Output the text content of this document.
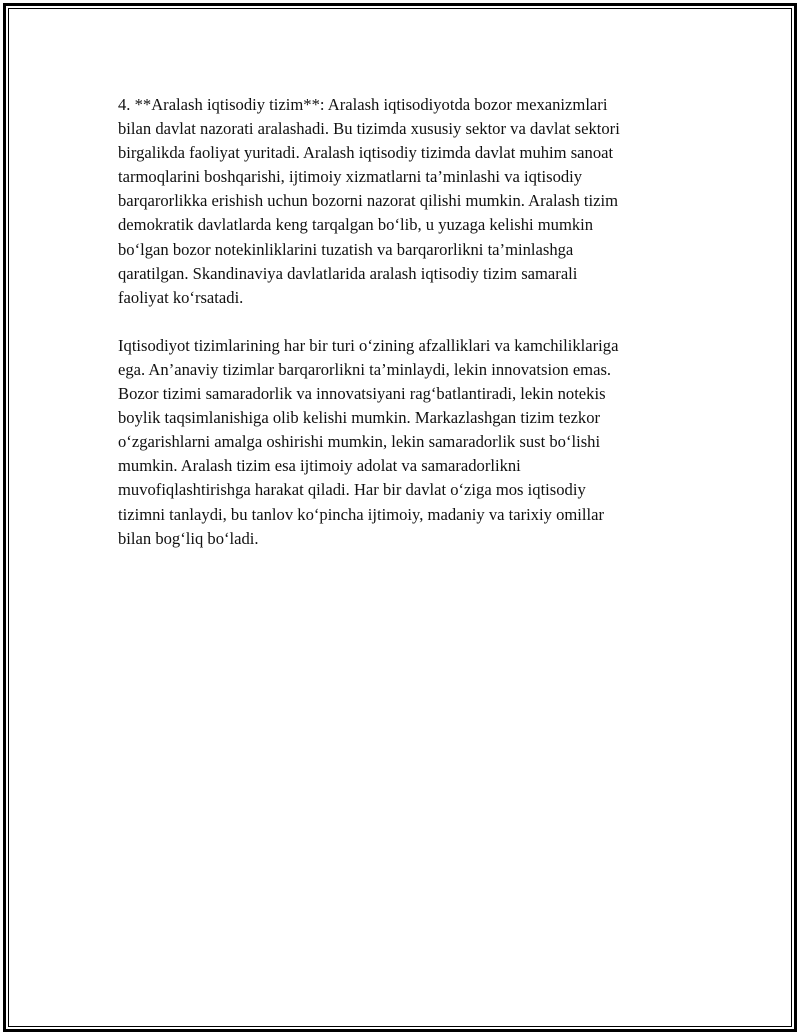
4. **Aralash iqtisodiy tizim**: Aralash iqtisodiyotda bozor mexanizmlari
bilan davlat nazorati aralashadi. Bu tizimda xususiy sektor va davlat sektori
birgalikda faoliyat yuritadi. Aralash iqtisodiy tizimda davlat muhim sanoat
tarmoqlarini boshqarishi, ijtimoiy xizmatlarni ta’minlashi va iqtisodiy
barqarorlikka erishish uchun bozorni nazorat qilishi mumkin. Aralash tizim
demokratik davlatlarda keng tarqalgan bo‘lib, u yuzaga kelishi mumkin
bo‘lgan bozor notekinliklarini tuzatish va barqarorlikni ta’minlashga
qaratilgan. Skandinaviya davlatlarida aralash iqtisodiy tizim samarali
faoliyat ko‘rsatadi.

Iqtisodiyot tizimlarining har bir turi o‘zining afzalliklari va kamchiliklariga
ega. An’anaviy tizimlar barqarorlikni ta’minlaydi, lekin innovatsion emas.
Bozor tizimi samaradorlik va innovatsiyani rag‘batlantiradi, lekin notekis
boylik taqsimlanishiga olib kelishi mumkin. Markazlashgan tizim tezkor
o‘zgarishlarni amalga oshirishi mumkin, lekin samaradorlik sust bo‘lishi
mumkin. Aralash tizim esa ijtimoiy adolat va samaradorlikni
muvofiqlashtirishga harakat qiladi. Har bir davlat o‘ziga mos iqtisodiy
tizimni tanlaydi, bu tanlov ko‘pincha ijtimoiy, madaniy va tarixiy omillar
bilan bog‘liq bo‘ladi.
